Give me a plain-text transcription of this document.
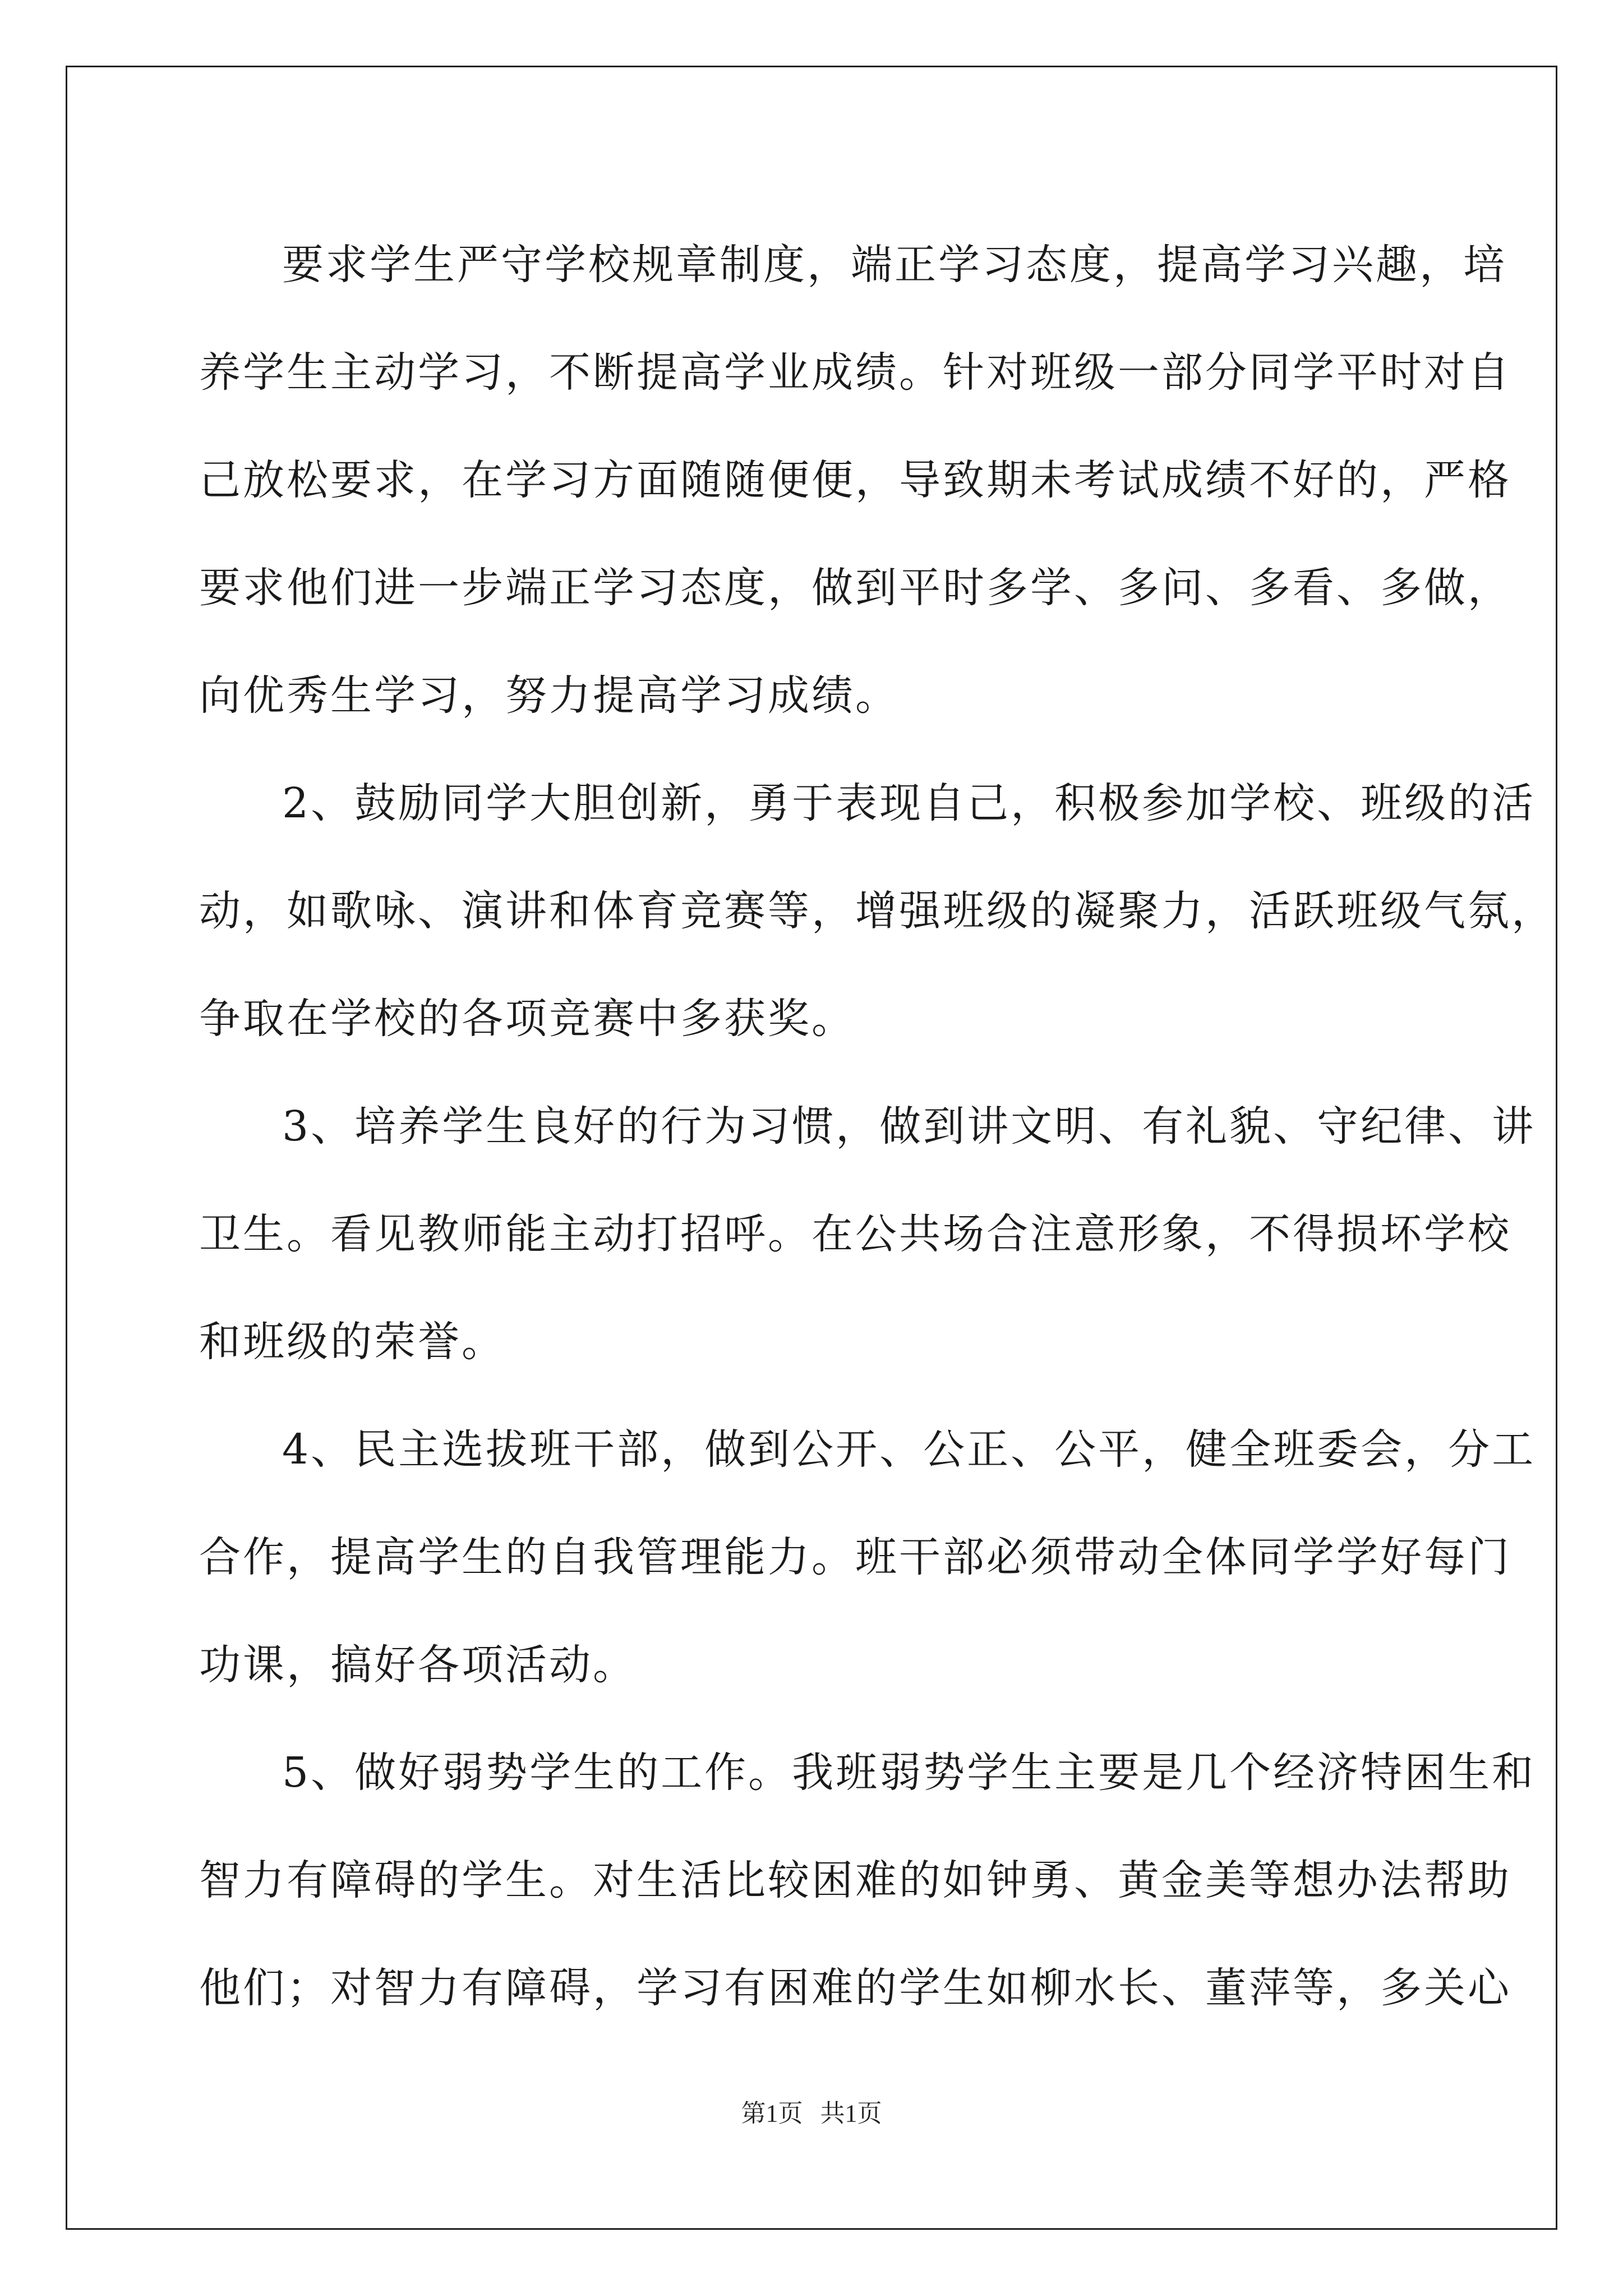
要求学生严守学校规章制度，端正学习态度，提高学习兴趣，培
养学生主动学习，不断提高学业成绩。针对班级一部分同学平时对自
己放松要求，在学习方面随随便便，导致期未考试成绩不好的，严格
要求他们进一步端正学习态度，做到平时多学、多问、多看、多做，
向优秀生学习，努力提高学习成绩。
2、鼓励同学大胆创新，勇于表现自己，积极参加学校、班级的活
动，如歌咏、演讲和体育竞赛等，增强班级的凝聚力，活跃班级气氛，
争取在学校的各项竞赛中多获奖。
3、培养学生良好的行为习惯，做到讲文明、有礼貌、守纪律、讲
卫生。看见教师能主动打招呼。在公共场合注意形象，不得损坏学校
和班级的荣誉。
4、民主选拔班干部，做到公开、公正、公平，健全班委会，分工
合作，提高学生的自我管理能力。班干部必须带动全体同学学好每门
功课，搞好各项活动。
5、做好弱势学生的工作。我班弱势学生主要是几个经济特困生和
智力有障碍的学生。对生活比较困难的如钟勇、黄金美等想办法帮助
他们；对智力有障碍，学习有困难的学生如柳水长、董萍等，多关心
第1页 共1页
